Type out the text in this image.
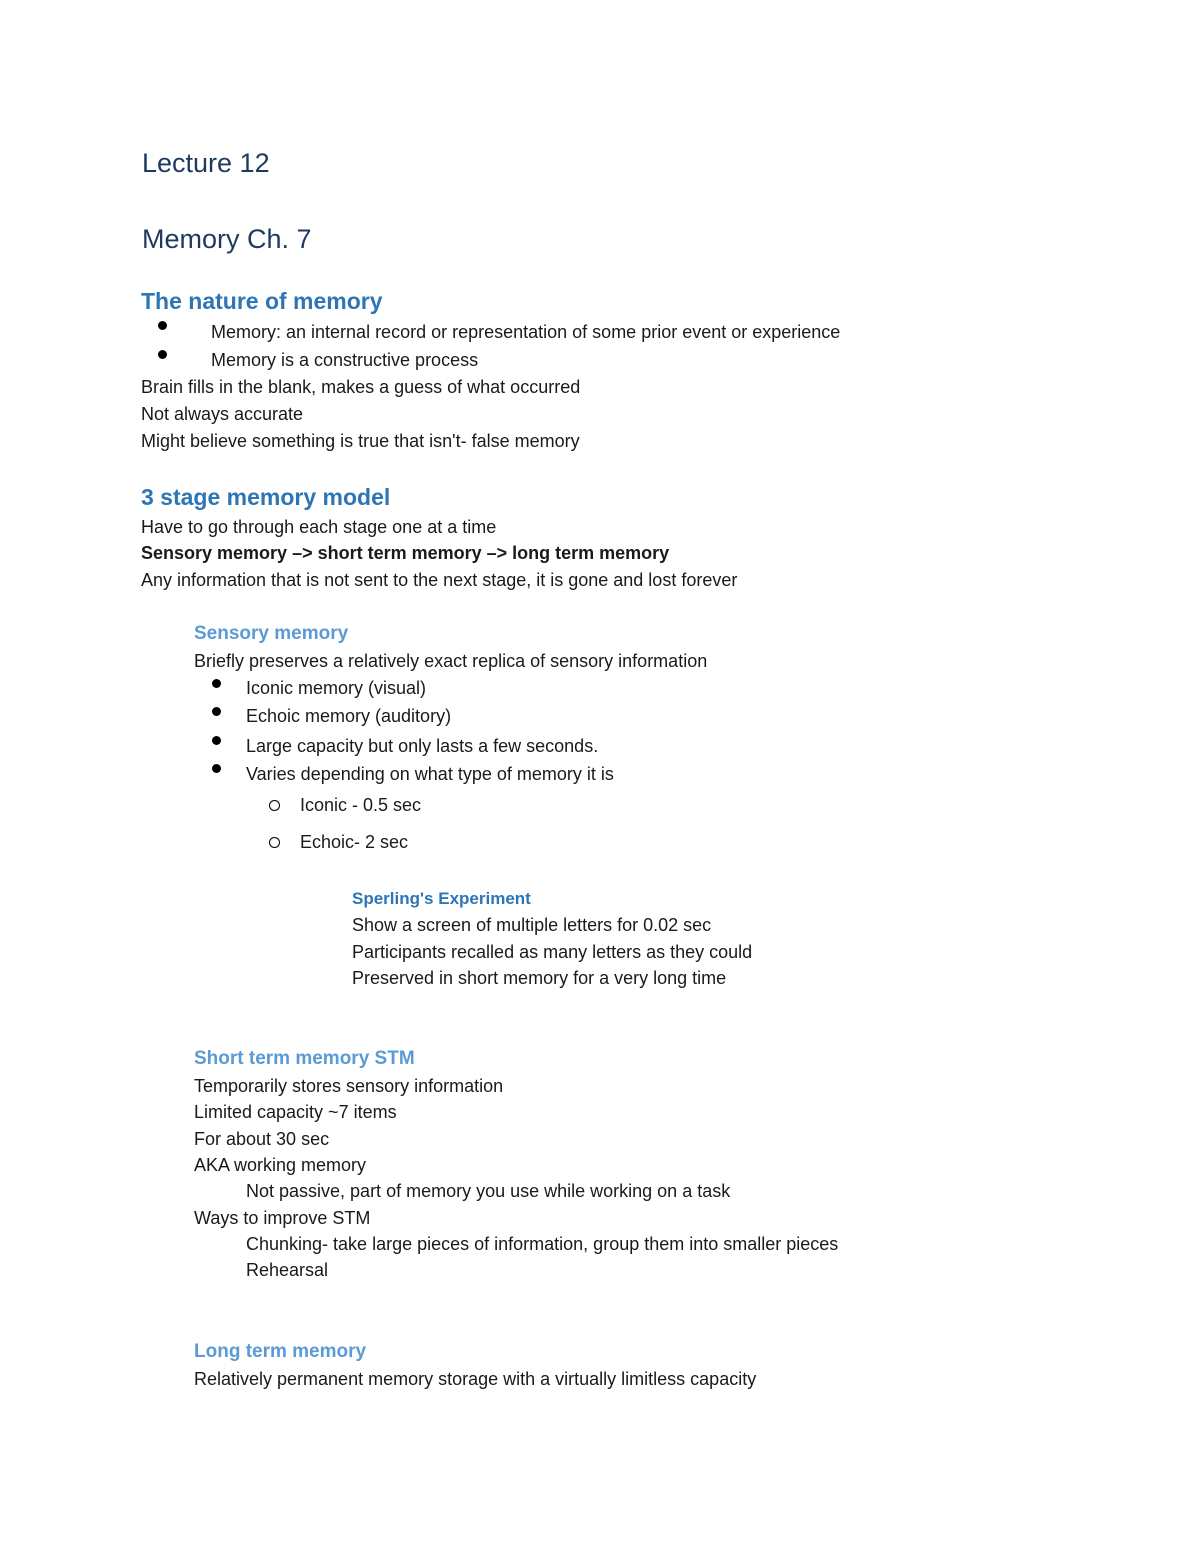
Lecture 12
Memory Ch. 7
The nature of memory
Memory: an internal record or representation of some prior event or experience
Memory is a constructive process
Brain fills in the blank, makes a guess of what occurred
Not always accurate
Might believe something is true that isn't- false memory
3 stage memory model
Have to go through each stage one at a time
Sensory memory –> short term memory –> long term memory
Any information that is not sent to the next stage, it is gone and lost forever
Sensory memory
Briefly preserves a relatively exact replica of sensory information
Iconic memory (visual)
Echoic memory (auditory)
Large capacity but only lasts a few seconds.
Varies depending on what type of memory it is
Iconic - 0.5 sec
Echoic- 2 sec
Sperling's Experiment
Show a screen of multiple letters for 0.02 sec
Participants recalled as many letters as they could
Preserved in short memory for a very long time
Short term memory STM
Temporarily stores sensory information
Limited capacity ~7 items
For about 30 sec
AKA working memory
Not passive, part of memory you use while working on a task
Ways to improve STM
Chunking- take large pieces of information, group them into smaller pieces
Rehearsal
Long term memory
Relatively permanent memory storage with a virtually limitless capacity
